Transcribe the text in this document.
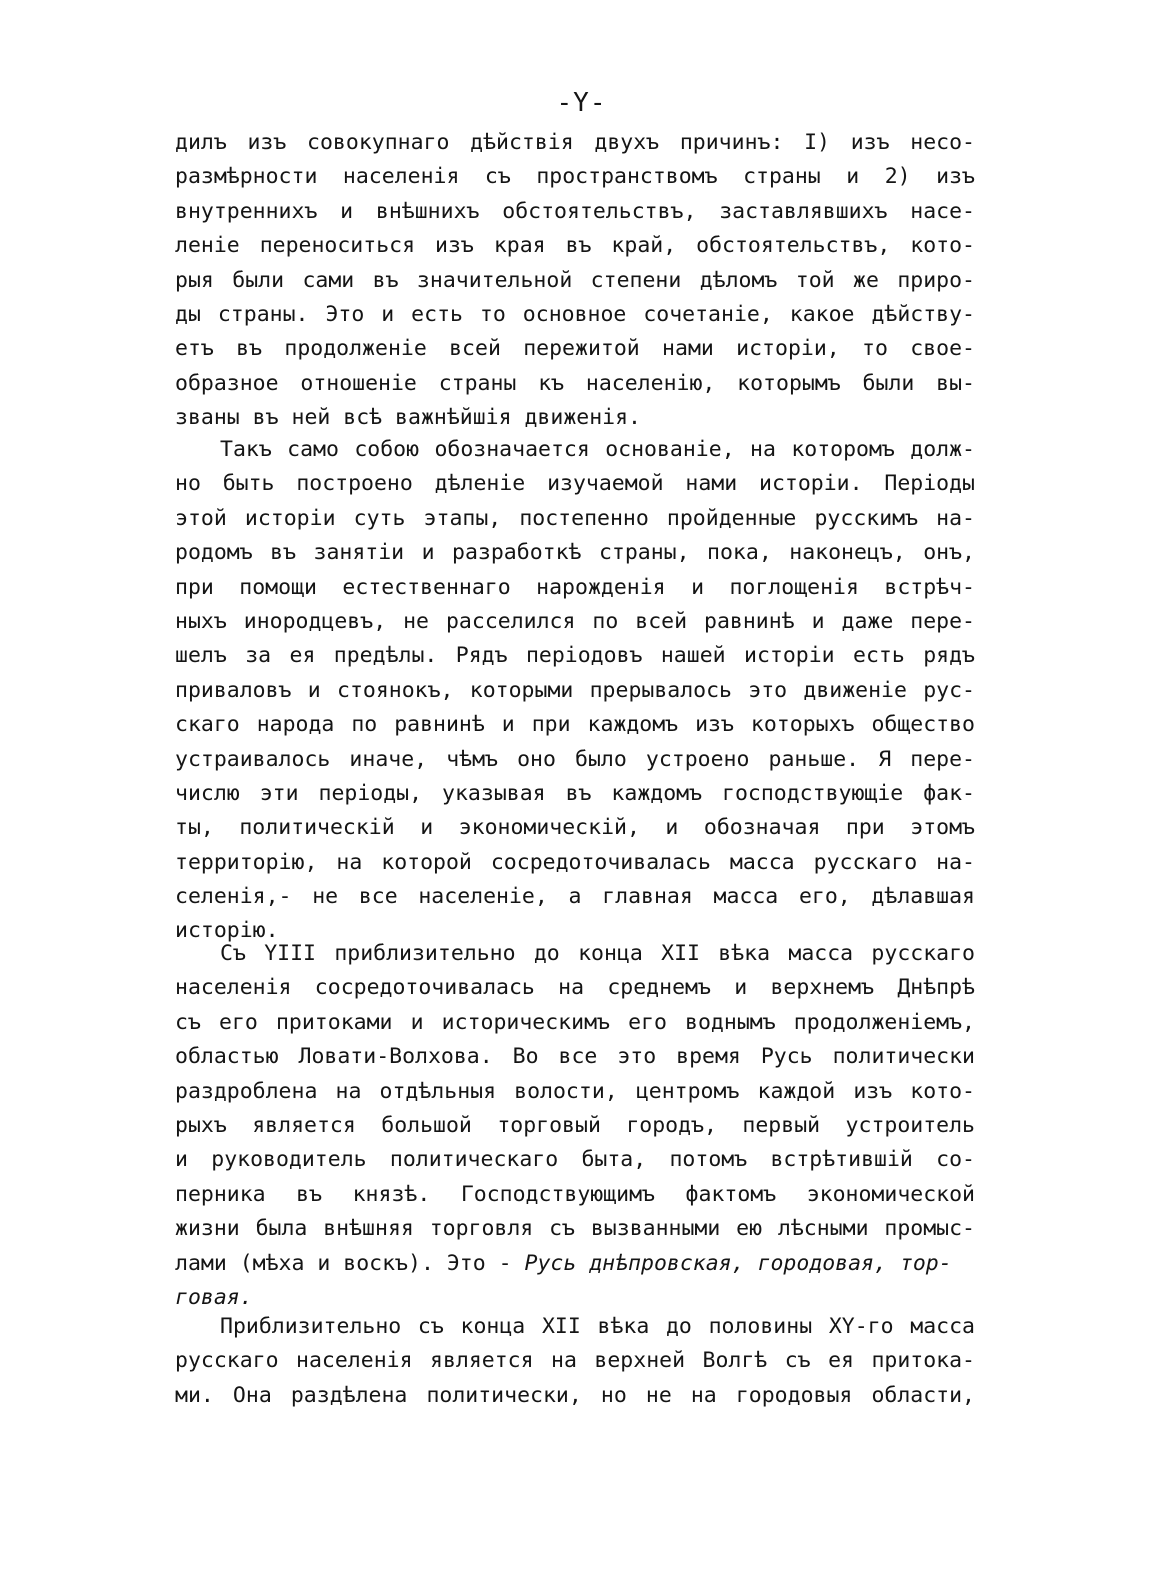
-Y-
дилъ изъ совокупнаго дѣйствія двухъ причинъ: I) изъ несо-
размѣрности населенія съ пространствомъ страны и 2) изъ
внутреннихъ и внѣшнихъ обстоятельствъ, заставлявшихъ насе-
леніе переноситься изъ края въ край, обстоятельствъ, кото-
рыя были сами въ значительной степени дѣломъ той же приро-
ды страны. Это и есть то основное сочетаніе, какое дѣйству-
етъ въ продолженіе всей пережитой нами исторіи, то свое-
образное отношеніе страны къ населенію, которымъ были вы-
званы въ ней всѣ важнѣйшія движенія.
Такъ само собою обозначается основаніе, на которомъ долж-
но быть построено дѣленіе изучаемой нами исторіи. Періоды
этой исторіи суть этапы, постепенно пройденные русскимъ на-
родомъ въ занятіи и разработкѣ страны, пока, наконецъ, онъ,
при помощи естественнаго нарожденія и поглощенія встрѣч-
ныхъ инородцевъ, не расселился по всей равнинѣ и даже пере-
шелъ за ея предѣлы. Рядъ періодовъ нашей исторіи есть рядъ
приваловъ и стоянокъ, которыми прерывалось это движеніе рус-
скаго народа по равнинѣ и при каждомъ изъ которыхъ общество
устраивалось иначе, чѣмъ оно было устроено раньше. Я пере-
числю эти періоды, указывая въ каждомъ господствующіе фак-
ты, политическій и экономическій, и обозначая при этомъ
территорію, на которой сосредоточивалась масса русскаго на-
селенія,- не все населеніе, а главная масса его, дѣлавшая
исторію.
Съ YIII приблизительно до конца XII вѣка масса русскаго
населенія сосредоточивалась на среднемъ и верхнемъ Днѣпрѣ
съ его притоками и историческимъ его воднымъ продолженіемъ,
областью Ловати-Волхова. Во все это время Русь политически
раздроблена на отдѣльныя волости, центромъ каждой изъ кото-
рыхъ является большой торговый городъ, первый устроитель
и руководитель политическаго быта, потомъ встрѣтившій со-
перника въ князѣ. Господствующимъ фактомъ экономической
жизни была внѣшняя торговля съ вызванными ею лѣсными промыс-
лами (мѣха и воскъ). Это - Русь днѣпровская, городовая, тор-
говая.
Приблизительно съ конца XII вѣка до половины XY-го масса
русскаго населенія является на верхней Волгѣ съ ея притока-
ми. Она раздѣлена политически, но не на городовыя области,
